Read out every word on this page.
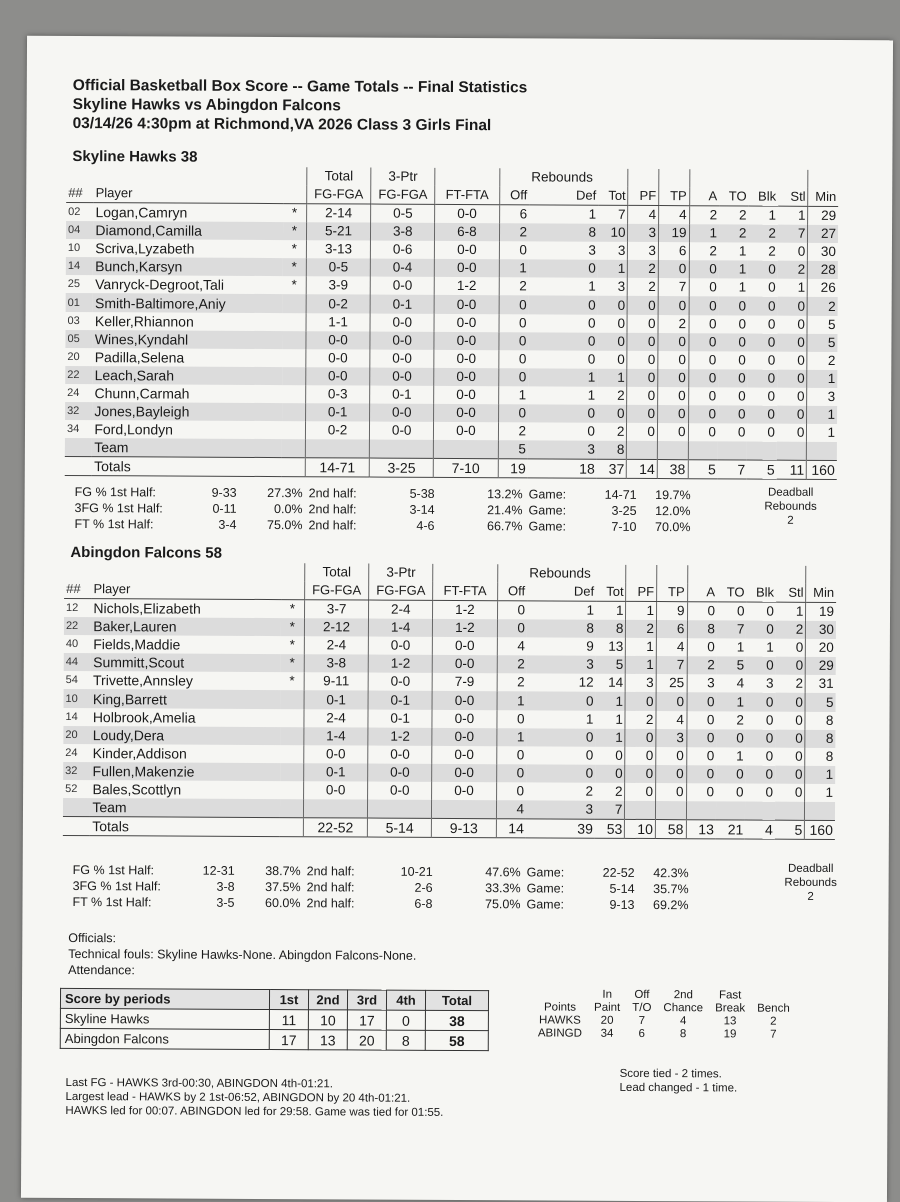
Official Basketball Box Score -- Game Totals -- Final Statistics
Skyline Hawks vs Abingdon Falcons
03/14/26 4:30pm at Richmond,VA 2026 Class 3 Girls Final
Skyline Hawks 38
			Total	3-Ptr			Rebounds								
##	Player		FG-FGA	FG-FGA	FT-FTA	Off	Def	Tot	PF	TP	A	TO	Blk	Stl	Min
02	Logan,Camryn	*	2-14	0-5	0-0	6	1	7	4	4	2	2	1	1	29
04	Diamond,Camilla	*	5-21	3-8	6-8	2	8	10	3	19	1	2	2	7	27
10	Scriva,Lyzabeth	*	3-13	0-6	0-0	0	3	3	3	6	2	1	2	0	30
14	Bunch,Karsyn	*	0-5	0-4	0-0	1	0	1	2	0	0	1	0	2	28
25	Vanryck-Degroot,Tali	*	3-9	0-0	1-2	2	1	3	2	7	0	1	0	1	26
01	Smith-Baltimore,Aniy		0-2	0-1	0-0	0	0	0	0	0	0	0	0	0	2
03	Keller,Rhiannon		1-1	0-0	0-0	0	0	0	0	2	0	0	0	0	5
05	Wines,Kyndahl		0-0	0-0	0-0	0	0	0	0	0	0	0	0	0	5
20	Padilla,Selena		0-0	0-0	0-0	0	0	0	0	0	0	0	0	0	2
22	Leach,Sarah		0-0	0-0	0-0	0	1	1	0	0	0	0	0	0	1
24	Chunn,Carmah		0-3	0-1	0-0	1	1	2	0	0	0	0	0	0	3
32	Jones,Bayleigh		0-1	0-0	0-0	0	0	0	0	0	0	0	0	0	1
34	Ford,Londyn		0-2	0-0	0-0	2	0	2	0	0	0	0	0	0	1
	Team					5	3	8							
	Totals		14-71	3-25	7-10	19	18	37	14	38	5	7	5	11	160
FG % 1st Half:	9-33 27.3% 2nd half:	5-38	13.2% Game:	14-71 19.7%
3FG % 1st Half:	0-11	0.0% 2nd half:	3-14	21.4% Game:	3-25 12.0%
FT % 1st Half:	3-4 75.0% 2nd half:	4-6	66.7% Game:	7-10 70.0%
Deadball
Rebounds
2
Abingdon Falcons 58
			Total	3-Ptr			Rebounds								
##	Player		FG-FGA	FG-FGA	FT-FTA	Off	Def	Tot	PF	TP	A	TO	Blk	Stl	Min
12	Nichols,Elizabeth	*	3-7	2-4	1-2	0	1	1	1	9	0	0	0	1	19
22	Baker,Lauren	*	2-12	1-4	1-2	0	8	8	2	6	8	7	0	2	30
40	Fields,Maddie	*	2-4	0-0	0-0	4	9	13	1	4	0	1	1	0	20
44	Summitt,Scout	*	3-8	1-2	0-0	2	3	5	1	7	2	5	0	0	29
54	Trivette,Annsley	*	9-11	0-0	7-9	2	12	14	3	25	3	4	3	2	31
10	King,Barrett		0-1	0-1	0-0	1	0	1	0	0	0	1	0	0	5
14	Holbrook,Amelia		2-4	0-1	0-0	0	1	1	2	4	0	2	0	0	8
20	Loudy,Dera		1-4	1-2	0-0	1	0	1	0	3	0	0	0	0	8
24	Kinder,Addison		0-0	0-0	0-0	0	0	0	0	0	0	1	0	0	8
32	Fullen,Makenzie		0-1	0-0	0-0	0	0	0	0	0	0	0	0	0	1
52	Bales,Scottlyn		0-0	0-0	0-0	0	2	2	0	0	0	0	0	0	1
	Team					4	3	7							
	Totals		22-52	5-14	9-13	14	39	53	10	58	13	21	4	5	160
FG % 1st Half:	12-31 38.7% 2nd half:	10-21	47.6% Game:	22-52 42.3%
3FG % 1st Half:	3-8 37.5% 2nd half:	2-6	33.3% Game:	5-14 35.7%
FT % 1st Half:	3-5 60.0% 2nd half:	6-8	75.0% Game:	9-13 69.2%
Deadball
Rebounds
2
Officials:
Technical fouls: Skyline Hawks-None. Abingdon Falcons-None.
Attendance:
Score by periods	1st	2nd	3rd	4th	Total
Skyline Hawks	11	10	17	0	38
Abingdon Falcons	17	13	20	8	58
	In	Off	2nd	Fast	
Points	Paint	T/O	Chance	Break	Bench
HAWKS	20	7	4	13	2
ABINGD	34	6	8	19	7
Last FG - HAWKS 3rd-00:30, ABINGDON 4th-01:21.
Largest lead - HAWKS by 2 1st-06:52, ABINGDON by 20 4th-01:21.
HAWKS led for 00:07. ABINGDON led for 29:58. Game was tied for 01:55.
Score tied - 2 times.
Lead changed - 1 time.
